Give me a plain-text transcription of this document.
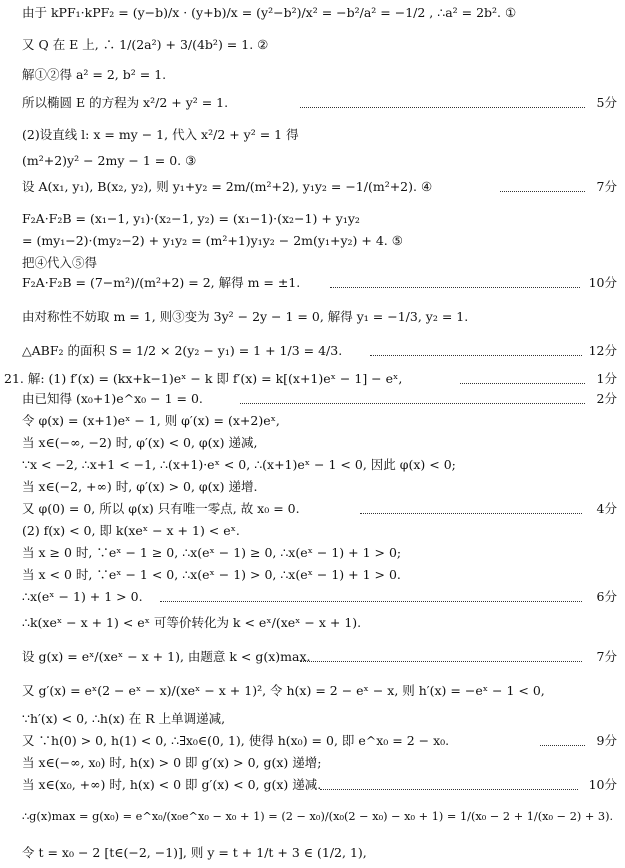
由于 kPF₁·kPF₂ = (y−b)/x · (y+b)/x = (y²−b²)/x² = −b²/a² = −1/2 , ∴a² = 2b². ①
又 Q 在 E 上, ∴ 1/(2a²) + 3/(4b²) = 1. ②
解①②得 a² = 2, b² = 1.
所以椭圆 E 的方程为 x²/2 + y² = 1.	5分
(2)设直线 l: x = my − 1, 代入 x²/2 + y² = 1 得
(m²+2)y² − 2my − 1 = 0. ③
设 A(x₁, y₁), B(x₂, y₂), 则 y₁+y₂ = 2m/(m²+2), y₁y₂ = −1/(m²+2). ④	7分
F₂A·F₂B = (x₁−1, y₁)·(x₂−1, y₂) = (x₁−1)·(x₂−1) + y₁y₂
= (my₁−2)·(my₂−2) + y₁y₂ = (m²+1)y₁y₂ − 2m(y₁+y₂) + 4. ⑤
把④代入⑤得
F₂A·F₂B = (7−m²)/(m²+2) = 2, 解得 m = ±1.	10分
由对称性不妨取 m = 1, 则③变为 3y² − 2y − 1 = 0, 解得 y₁ = −1/3, y₂ = 1.
△ABF₂ 的面积 S = 1/2 × 2(y₂ − y₁) = 1 + 1/3 = 4/3.	12分
21. 解: (1) f′(x) = (kx+k−1)eˣ − k 即 f′(x) = k[(x+1)eˣ − 1] − eˣ,	1分
由已知得 (x₀+1)e^x₀ − 1 = 0.	2分
令 φ(x) = (x+1)eˣ − 1, 则 φ′(x) = (x+2)eˣ,
当 x∈(−∞, −2) 时, φ′(x) < 0, φ(x) 递减,
∵x < −2, ∴x+1 < −1, ∴(x+1)·eˣ < 0, ∴(x+1)eˣ − 1 < 0, 因此 φ(x) < 0;
当 x∈(−2, +∞) 时, φ′(x) > 0, φ(x) 递增.
又 φ(0) = 0, 所以 φ(x) 只有唯一零点, 故 x₀ = 0.	4分
(2) f(x) < 0, 即 k(xeˣ − x + 1) < eˣ.
当 x ≥ 0 时, ∵eˣ − 1 ≥ 0, ∴x(eˣ − 1) ≥ 0, ∴x(eˣ − 1) + 1 > 0;
当 x < 0 时, ∵eˣ − 1 < 0, ∴x(eˣ − 1) > 0, ∴x(eˣ − 1) + 1 > 0.
∴x(eˣ − 1) + 1 > 0.	6分
∴k(xeˣ − x + 1) < eˣ 可等价转化为 k < eˣ/(xeˣ − x + 1).
设 g(x) = eˣ/(xeˣ − x + 1), 由题意 k < g(x)max.	7分
又 g′(x) = eˣ(2 − eˣ − x)/(xeˣ − x + 1)², 令 h(x) = 2 − eˣ − x, 则 h′(x) = −eˣ − 1 < 0,
∵h′(x) < 0, ∴h(x) 在 R 上单调递减,
又 ∵h(0) > 0, h(1) < 0, ∴∃x₀∈(0, 1), 使得 h(x₀) = 0, 即 e^x₀ = 2 − x₀.	9分
当 x∈(−∞, x₀) 时, h(x) > 0 即 g′(x) > 0, g(x) 递增;
当 x∈(x₀, +∞) 时, h(x) < 0 即 g′(x) < 0, g(x) 递减.	10分
∴g(x)max = g(x₀) = e^x₀/(x₀e^x₀ − x₀ + 1) = (2 − x₀)/(x₀(2 − x₀) − x₀ + 1) = 1/(x₀ − 2 + 1/(x₀ − 2) + 3).
令 t = x₀ − 2 [t∈(−2, −1)], 则 y = t + 1/t + 3 ∈ (1/2, 1),
